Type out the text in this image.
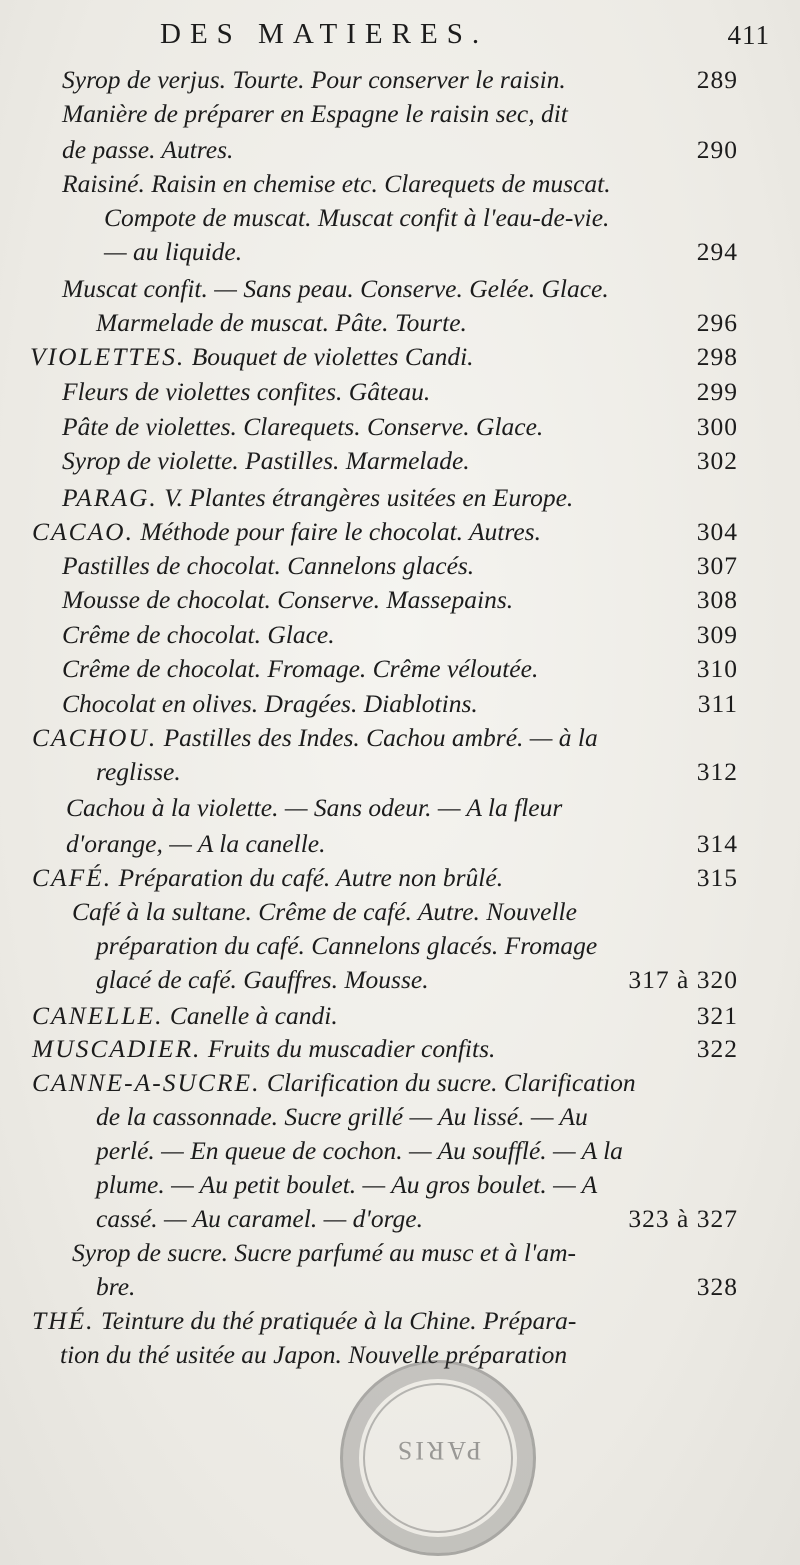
DES MATIERES.	411
Syrop de verjus. Tourte. Pour conserver le raisin.	289
Manière de préparer en Espagne le raisin sec, dit
de passe. Autres.	290
Raisiné. Raisin en chemise etc. Clarequets de muscat.
Compote de muscat. Muscat confit à l'eau-de-vie.
— au liquide.	294
Muscat confit. — Sans peau. Conserve. Gelée. Glace.
Marmelade de muscat. Pâte. Tourte.	296
VIOLETTES. Bouquet de violettes Candi.	298
Fleurs de violettes confites. Gâteau.	299
Pâte de violettes. Clarequets. Conserve. Glace.	300
Syrop de violette. Pastilles. Marmelade.	302
PARAG. V. Plantes étrangères usitées en Europe.
CACAO. Méthode pour faire le chocolat. Autres.	304
Pastilles de chocolat. Cannelons glacés.	307
Mousse de chocolat. Conserve. Massepains.	308
Crême de chocolat. Glace.	309
Crême de chocolat. Fromage. Crême véloutée.	310
Chocolat en olives. Dragées. Diablotins.	311
CACHOU. Pastilles des Indes. Cachou ambré. — à la
reglisse.	312
Cachou à la violette. — Sans odeur. — A la fleur
d'orange, — A la canelle.	314
CAFÉ. Préparation du café. Autre non brûlé.	315
Café à la sultane. Crême de café. Autre. Nouvelle
préparation du café. Cannelons glacés. Fromage
glacé de café. Gauffres. Mousse.	317 à 320
CANELLE. Canelle à candi.	321
MUSCADIER. Fruits du muscadier confits.	322
CANNE-A-SUCRE. Clarification du sucre. Clarification
de la cassonnade. Sucre grillé — Au lissé. — Au
perlé. — En queue de cochon. — Au soufflé. — A la
plume. — Au petit boulet. — Au gros boulet. — A
cassé. — Au caramel. — d'orge.	323 à 327
Syrop de sucre. Sucre parfumé au musc et à l'am-
bre.	328
THÉ. Teinture du thé pratiquée à la Chine. Prépara-
tion du thé usitée au Japon. Nouvelle préparation
PARIS
